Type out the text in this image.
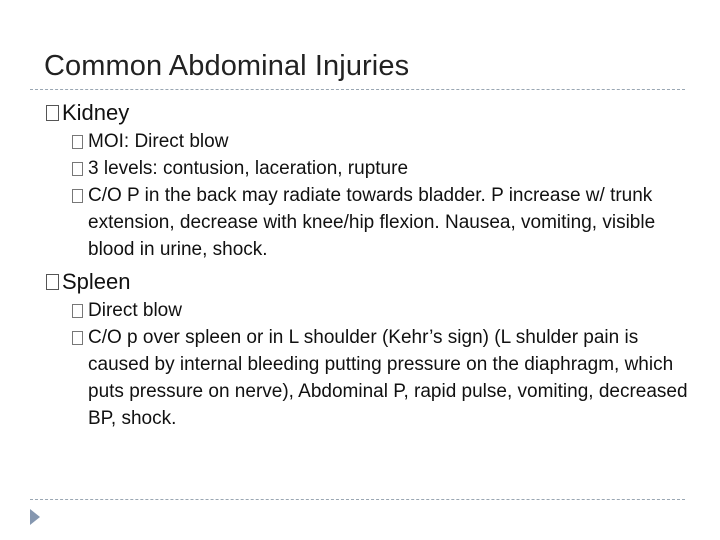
Common Abdominal Injuries
Kidney
MOI: Direct blow
3 levels: contusion, laceration, rupture
C/O P in the back may radiate towards bladder. P increase w/ trunk extension, decrease with knee/hip flexion. Nausea, vomiting, visible blood in urine, shock.
Spleen
Direct blow
C/O p over spleen or in L shoulder (Kehr’s sign) (L shulder pain is caused by internal bleeding putting pressure on the diaphragm, which puts pressure on nerve), Abdominal P, rapid pulse, vomiting, decreased BP, shock.
